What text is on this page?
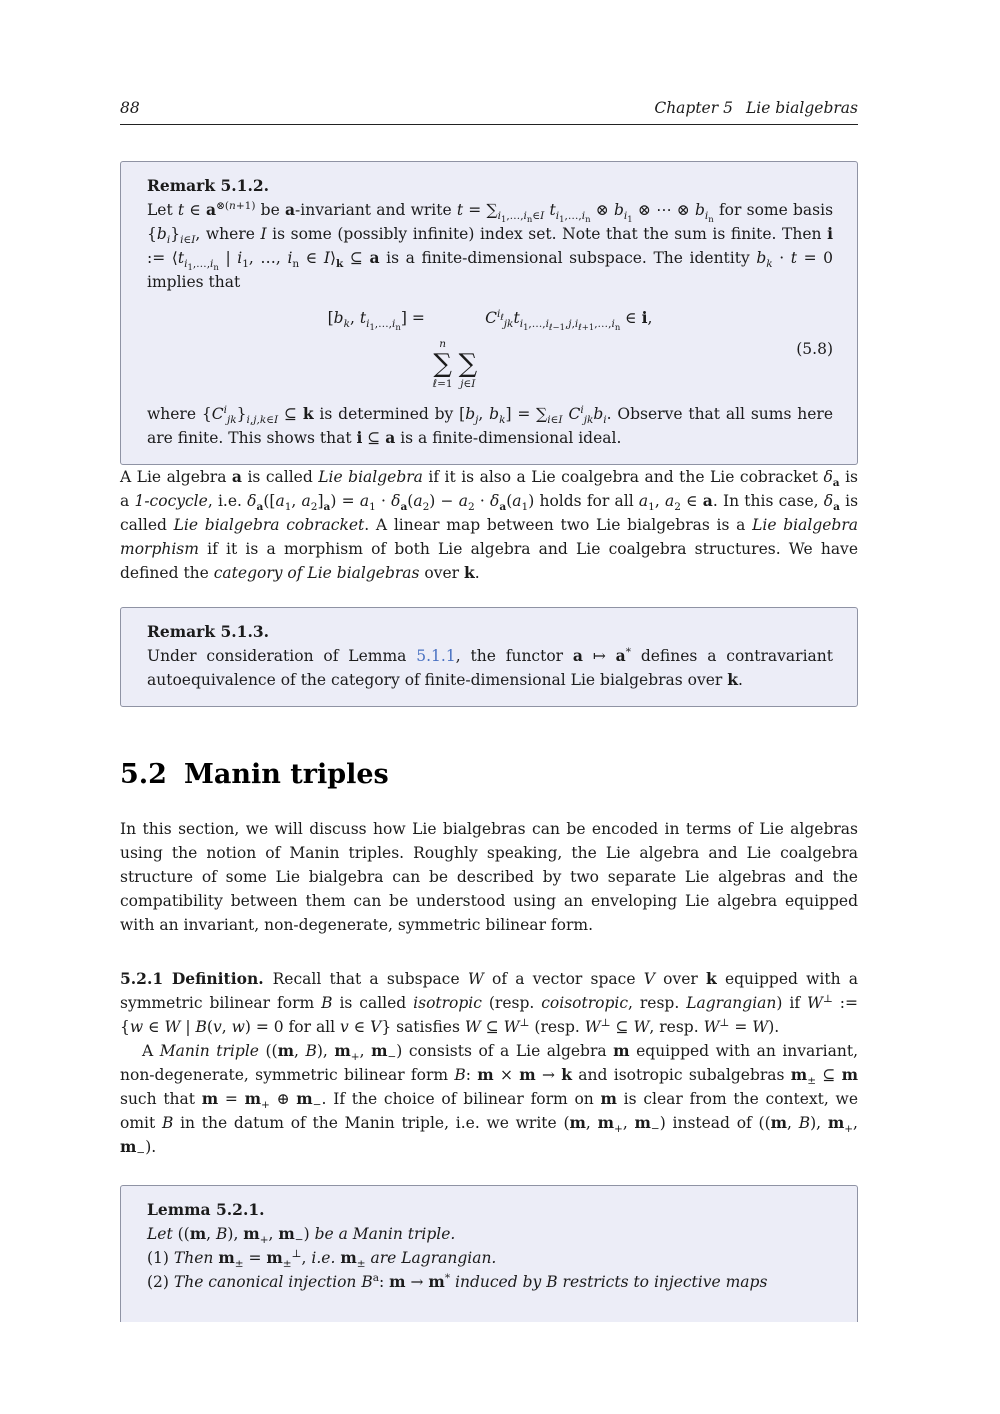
88	Chapter 5 Lie bialgebras
Remark 5.1.2.

Let t ∈ $a^{\otimes(n+1)}$ be a-invariant and write $t = \sum_{i_1,\dots,i_n\in I}$ $t_{i_1,\dots,i_n}$ ⊗ $b_{i_1}$ ⊗ ⋯ ⊗ $b_{i_n}$ for some basis $\{b_i\}_{i\in I}$, where I is some (possibly infinite) index set. Note that the sum is finite. Then i := $⟨t_{i_1,\dots,i_n}$ | $i_1$, …, $i_n$ ∈ $I⟩_k$ ⊆ a is a finite-dimensional subspace. The identity $b_k \cdot t = 0$ implies that

[$b_k$, $t_{i_1,\dots,i_n}$] =
n
∑
ℓ=1

∑
j∈I
$C^{i_\ell}_{jk}t_{i_1,\dots,i_{\ell-1},j,i_{\ell+1},\dots,i_n}$ ∈ i,
(5.8)

where $\{C^i_{jk}\}_{i,j,k\in I}$ ⊆ k is determined by [$b_j$, $b_k] = \sum_{i\in I}$ $C^i_{jk}b_i$. Observe that all sums here are finite. This shows that i ⊆ a is a finite-dimensional ideal.

A Lie algebra a is called Lie bialgebra if it is also a Lie coalgebra and the Lie cobracket $\delta_a$ is a 1-cocycle, i.e. $\delta_a([a_1$, $a_2]_a) = a_1 \cdot \delta_a(a_2) - a_2 \cdot \delta_a(a_1)$ holds for all $a_1$, $a_2$ ∈ a. In this case, $\delta_a$ is called Lie bialgebra cobracket. A linear map between two Lie bialgebras is a Lie bialgebra morphism if it is a morphism of both Lie algebra and Lie coalgebra structures. We have defined the category of Lie bialgebras over k.

Remark 5.1.3.

Under consideration of Lemma 5.1.1, the functor a ↦ a* defines a contravariant autoequivalence of the category of finite-dimensional Lie bialgebras over k.

5.2 Manin triples

In this section, we will discuss how Lie bialgebras can be encoded in terms of Lie algebras using the notion of Manin triples. Roughly speaking, the Lie algebra and Lie coalgebra structure of some Lie bialgebra can be described by two separate Lie algebras and the compatibility between them can be understood using an enveloping Lie algebra equipped with an invariant, non-degenerate, symmetric bilinear form.

5.2.1 Definition. Recall that a subspace W of a vector space V over k equipped with a symmetric bilinear form B is called isotropic (resp. coisotropic, resp. Lagrangian) if W⊥ := {w ∈ W | B(v, w) = 0 for all v ∈ V} satisfies W ⊆ W⊥ (resp. W⊥ ⊆ W, resp. W⊥ = W).

A Manin triple ((m, B), $m_+$, $m_-$) consists of a Lie algebra m equipped with an invariant, non-degenerate, symmetric bilinear form B: m × m → k and isotropic subalgebras $m_\pm$ ⊆ m such that $m = m_+$ ⊕ $m_-$. If the choice of bilinear form on m is clear from the context, we omit B in the datum of the Manin triple, i.e. we write (m, $m_+$, $m_-$) instead of ((m, B), $m_+$, $m_-$).

Lemma 5.2.1.

Let ((m, B), $m_+$, $m_-$) be a Manin triple.

(1) Then $m_\pm = m_\pm^\perp$, i.e. $m_\pm$ are Lagrangian.

(2) The canonical injection $B^a$: m → m* induced by B restricts to injective maps
